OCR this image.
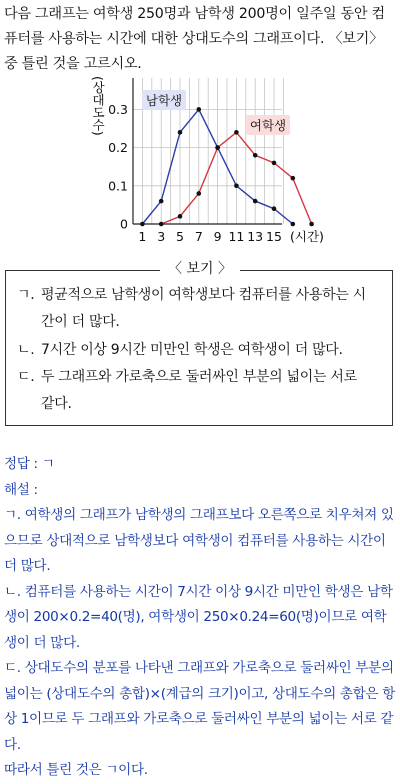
다음 그래프는 여학생 250명과 남학생 200명이 일주일 동안 컴퓨터를 사용하는 시간에 대한 상대도수의 그래프이다. 〈보기〉 중 틀린 것을 고르시오.
0
0.1
0.2
0.3
1 3 5 7 9 11 13 15
남학생
여학생
(상대도수)
(시간)
〈 보기 〉
ㄱ. 평균적으로 남학생이 여학생보다 컴퓨터를 사용하는 시
간이 더 많다.
ㄴ. 7시간 이상 9시간 미만인 학생은 여학생이 더 많다.
ㄷ. 두 그래프와 가로축으로 둘러싸인 부분의 넓이는 서로
같다.

정답 : ㄱ

해설 :

ㄱ. 여학생의 그래프가 남학생의 그래프보다 오른쪽으로 치우쳐져 있으므로 상대적으로 남학생보다 여학생이 컴퓨터를 사용하는 시간이 더 많다.

ㄴ. 컴퓨터를 사용하는 시간이 7시간 이상 9시간 미만인 학생은 남학생이 200×0.2=40(명), 여학생이 250×0.24=60(명)이므로 여학생이 더 많다.

ㄷ. 상대도수의 분포를 나타낸 그래프와 가로축으로 둘러싸인 부분의 넓이는 (상대도수의 총합)×(계급의 크기)이고, 상대도수의 총합은 항상 1이므로 두 그래프와 가로축으로 둘러싸인 부분의 넓이는 서로 같다.

따라서 틀린 것은 ㄱ이다.
